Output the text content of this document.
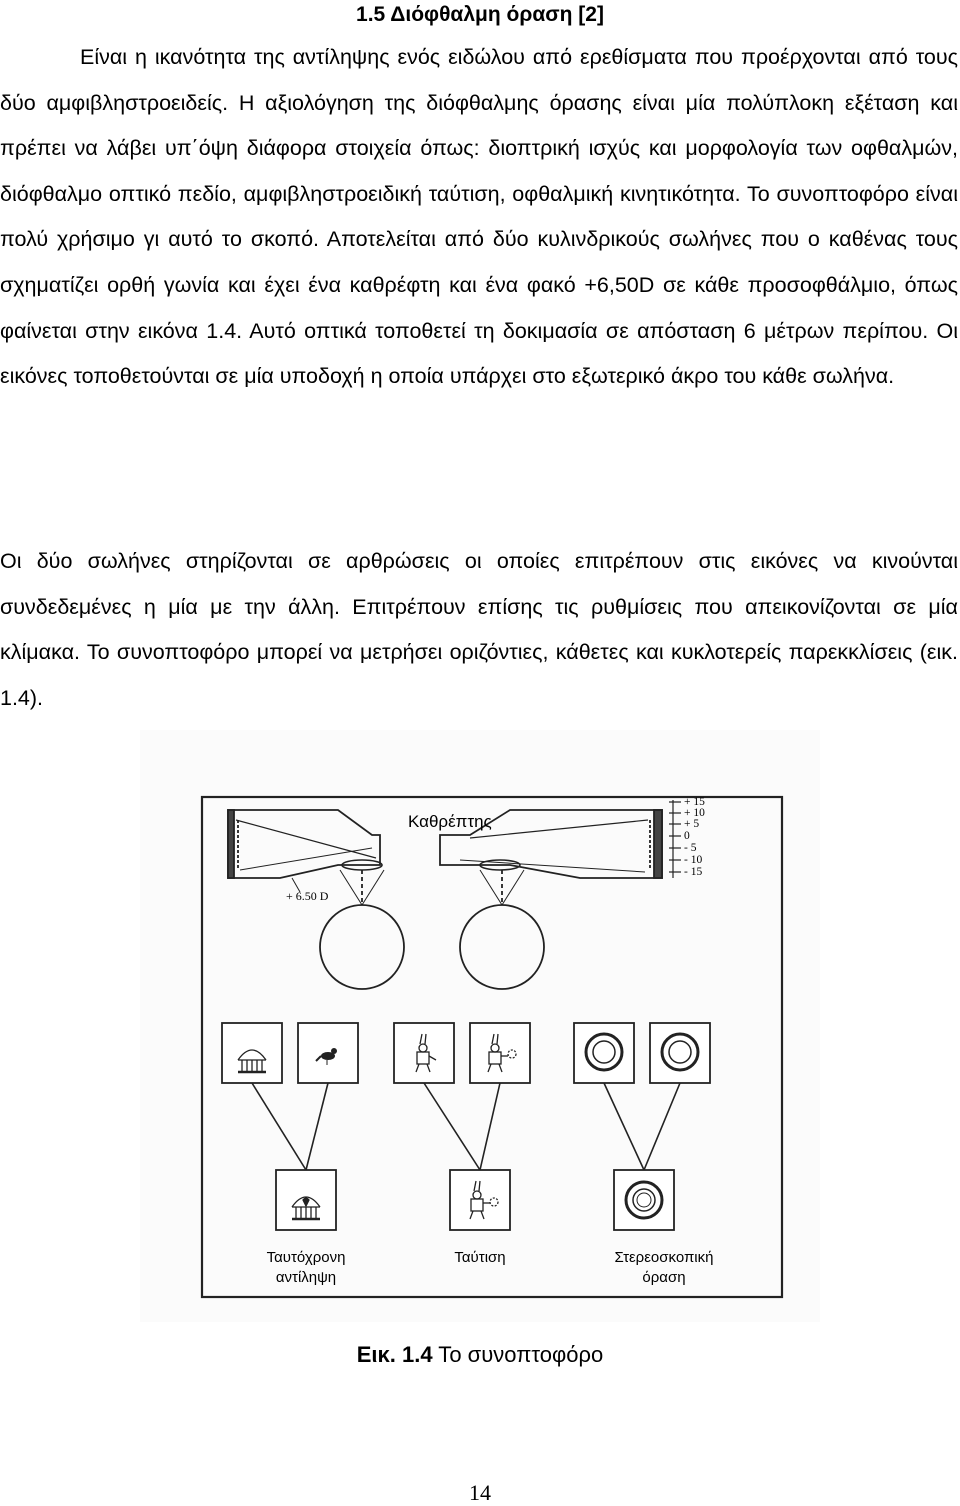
1.5 Διόφθαλμη όραση [2]
Είναι η ικανότητα της αντίληψης ενός ειδώλου από ερεθίσματα που προέρχονται από τους δύο αμφιβληστροειδείς. Η αξιολόγηση της διόφθαλμης όρασης είναι μία πολύπλοκη εξέταση και πρέπει να λάβει υπ΄όψη διάφορα στοιχεία όπως: διοπτρική ισχύς και μορφολογία των οφθαλμών, διόφθαλμο οπτικό πεδίο, αμφιβληστροειδική ταύτιση, οφθαλμική κινητικότητα. Το συνοπτοφόρο είναι πολύ χρήσιμο γι αυτό το σκοπό. Αποτελείται από δύο κυλινδρικούς σωλήνες που ο καθένας τους σχηματίζει ορθή γωνία και έχει ένα καθρέφτη και ένα φακό +6,50D σε κάθε προσοφθάλμιο, όπως φαίνεται στην εικόνα 1.4. Αυτό οπτικά τοποθετεί τη δοκιμασία σε απόσταση 6 μέτρων περίπου. Οι εικόνες τοποθετούνται σε μία υποδοχή η οποία υπάρχει στο εξωτερικό άκρο του κάθε σωλήνα.
Οι δύο σωλήνες στηρίζονται σε αρθρώσεις οι οποίες επιτρέπουν στις εικόνες να κινούνται συνδεδεμένες η μία με την άλλη. Επιτρέπουν επίσης τις ρυθμίσεις που απεικονίζονται σε μία κλίμακα. Το συνοπτοφόρο μπορεί να μετρήσει οριζόντιες, κάθετες και κυκλοτερείς παρεκκλίσεις (εικ. 1.4).
+ 6.50 D
Καθρέπτης
+ 15
+ 10
+ 5
0
- 5
- 10
- 15
Ταυτόχρονη
αντίληψη
Ταύτιση	Στερεοσκοπική
όραση
Εικ. 1.4 Το συνοπτοφόρο
14
